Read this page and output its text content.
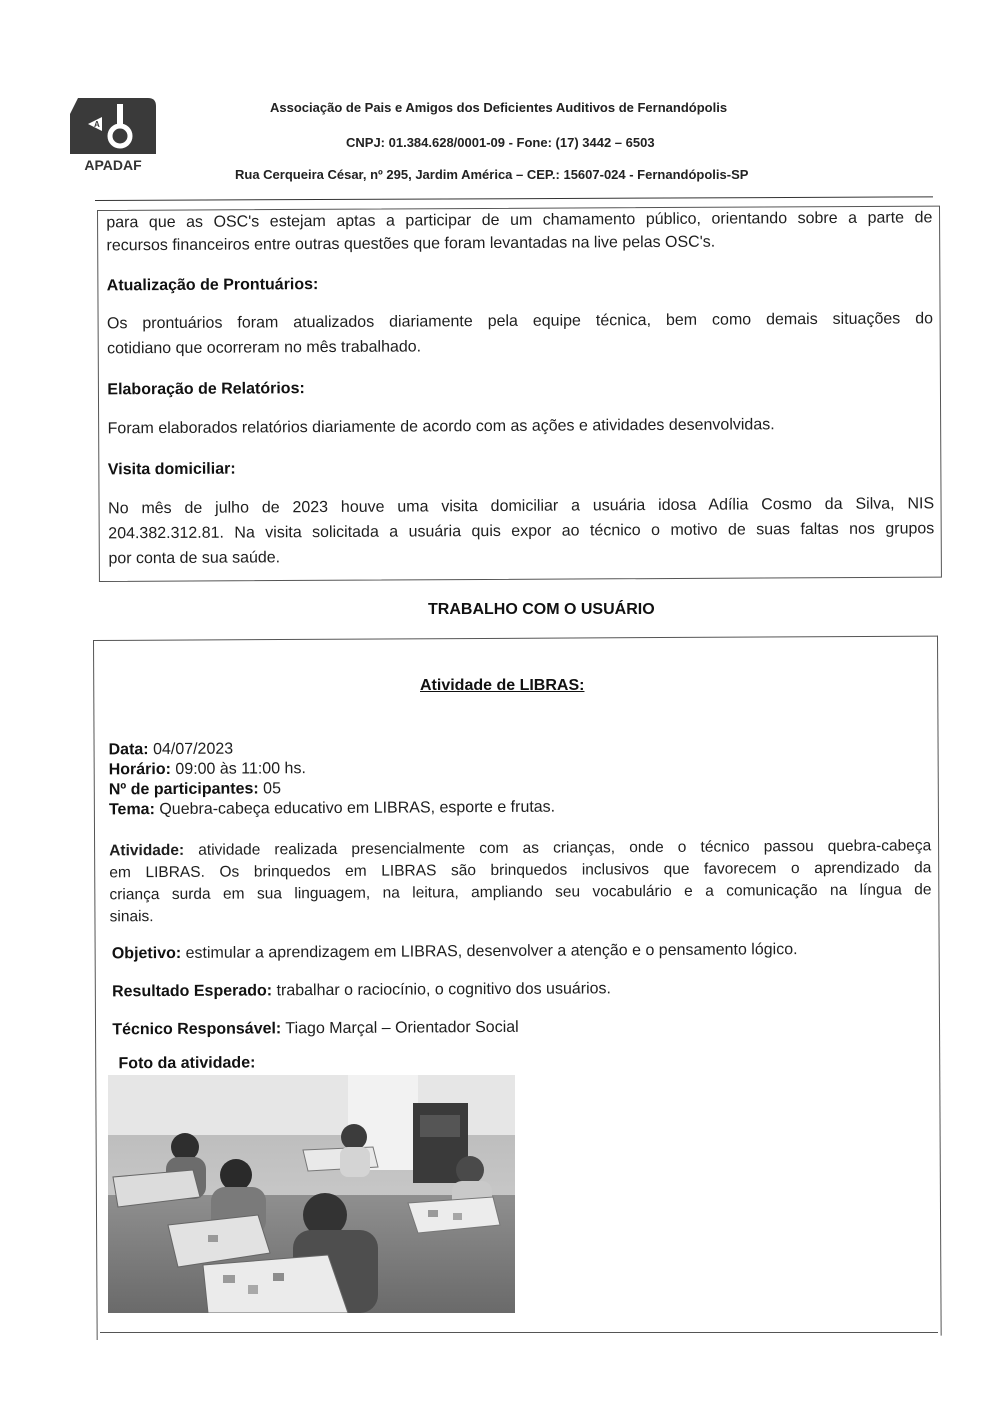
A
APADAF
Associação de Pais e Amigos dos Deficientes Auditivos de Fernandópolis
CNPJ: 01.384.628/0001-09 - Fone: (17) 3442 – 6503
Rua Cerqueira César, nº 295, Jardim América – CEP.: 15607-024 - Fernandópolis-SP

para que as OSC's estejam aptas a participar de um chamamento público, orientando sobre a parte de

recursos financeiros entre outras questões que foram levantadas na live pelas OSC's.

Atualização de Prontuários:

Os prontuários foram atualizados diariamente pela equipe técnica, bem como demais situações do

cotidiano que ocorreram no mês trabalhado.

Elaboração de Relatórios:

Foram elaborados relatórios diariamente de acordo com as ações e atividades desenvolvidas.

Visita domiciliar:

No mês de julho de 2023 houve uma visita domiciliar a usuária idosa Adília Cosmo da Silva, NIS

204.382.312.81. Na visita solicitada a usuária quis expor ao técnico o motivo de suas faltas nos grupos

por conta de sua saúde.

TRABALHO COM O USUÁRIO
Atividade de LIBRAS:
Data: 04/07/2023
Horário: 09:00 às 11:00 hs.
Nº de participantes: 05
Tema: Quebra-cabeça educativo em LIBRAS, esporte e frutas.

Atividade: atividade realizada presencialmente com as crianças, onde o técnico passou quebra-cabeça

em LIBRAS. Os brinquedos em LIBRAS são brinquedos inclusivos que favorecem o aprendizado da

criança surda em sua linguagem, na leitura, ampliando seu vocabulário e a comunicação na língua de

sinais.

Objetivo: estimular a aprendizagem em LIBRAS, desenvolver a atenção e o pensamento lógico.
Resultado Esperado: trabalhar o raciocínio, o cognitivo dos usuários.
Técnico Responsável: Tiago Marçal – Orientador Social
Foto da atividade:
